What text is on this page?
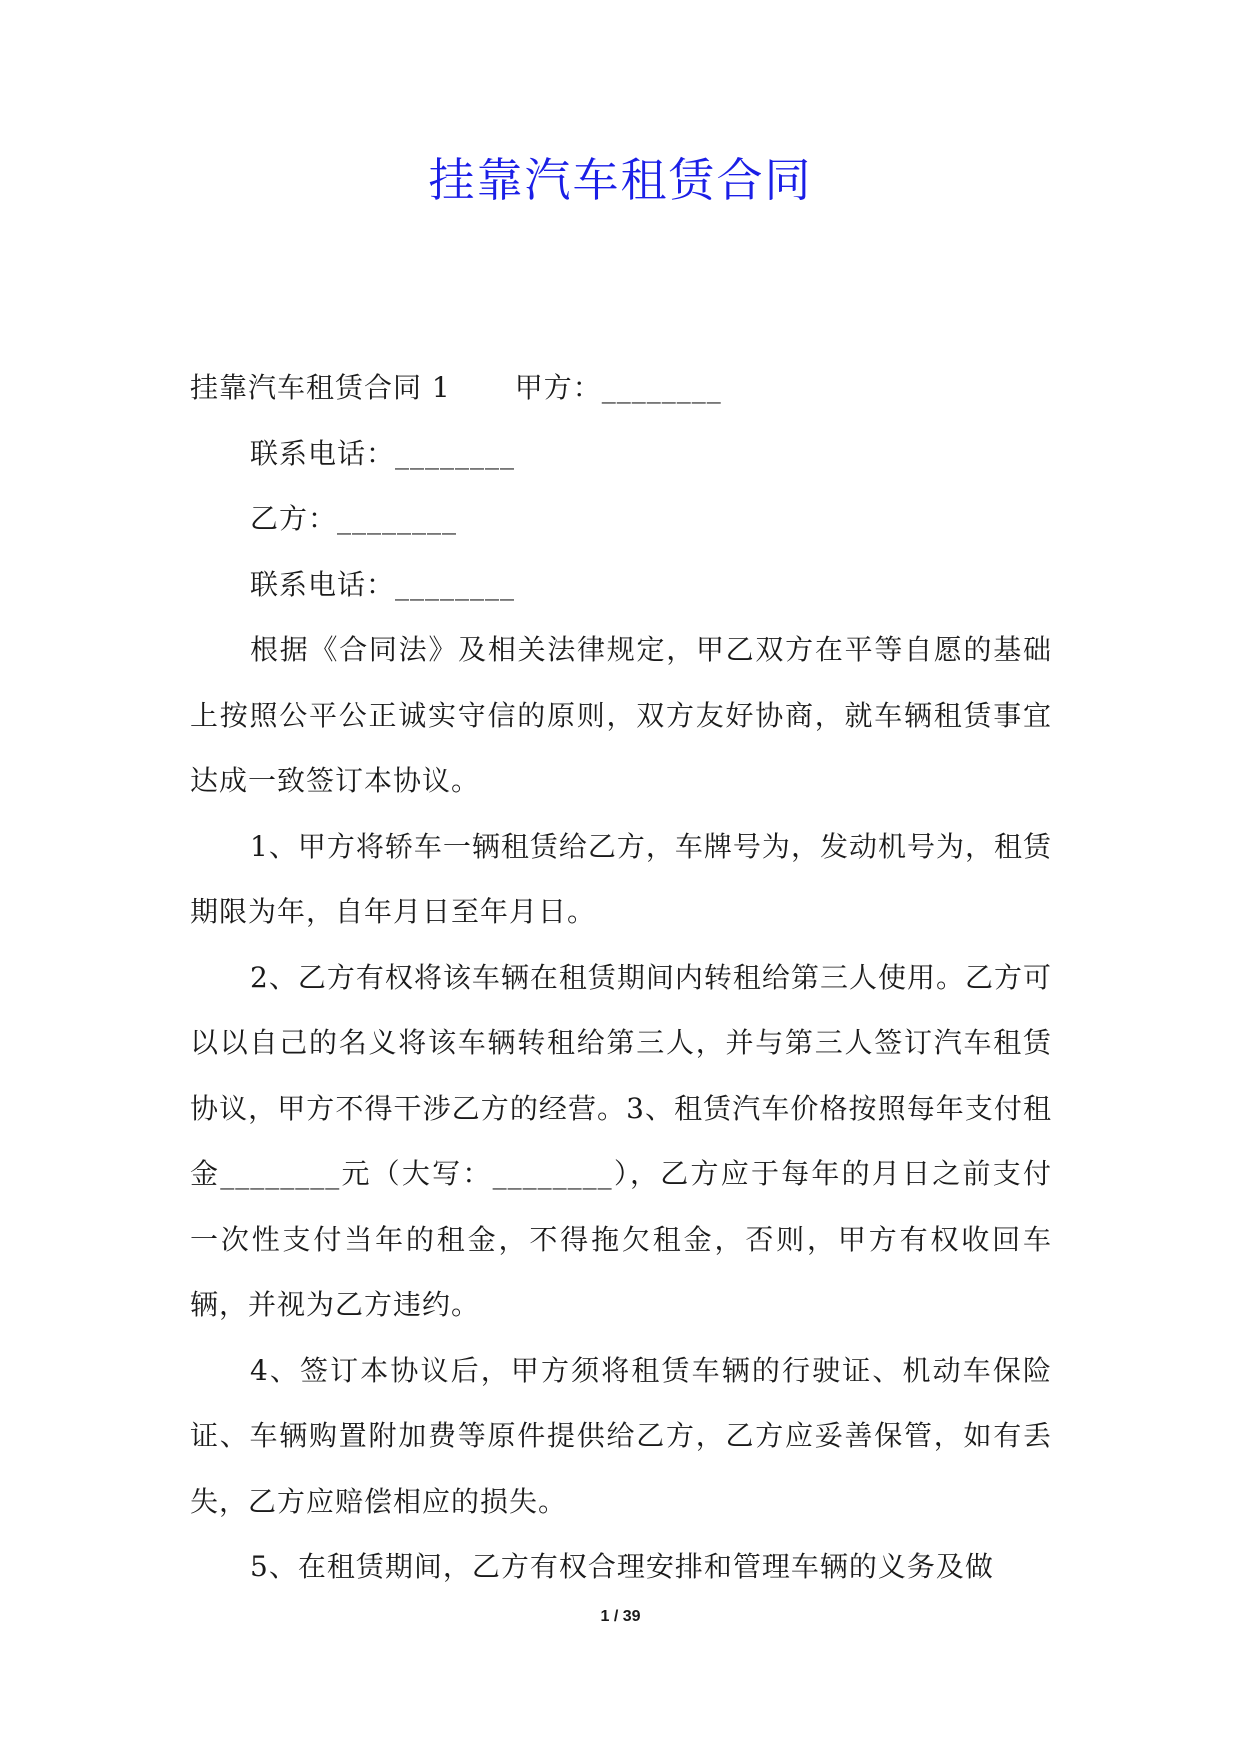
挂靠汽车租赁合同

挂靠汽车租赁合同 1 甲方：________

联系电话：________

乙方：________

联系电话：________

根据《合同法》及相关法律规定，甲乙双方在平等自愿的基础上按照公平公正诚实守信的原则，双方友好协商，就车辆租赁事宜达成一致签订本协议。

1、甲方将轿车一辆租赁给乙方，车牌号为，发动机号为，租赁期限为年，自年月日至年月日。

2、乙方有权将该车辆在租赁期间内转租给第三人使用。乙方可以以自己的名义将该车辆转租给第三人，并与第三人签订汽车租赁协议，甲方不得干涉乙方的经营。3、租赁汽车价格按照每年支付租金________元（大写：________），乙方应于每年的月日之前支付一次性支付当年的租金，不得拖欠租金，否则，甲方有权收回车辆，并视为乙方违约。

4、签订本协议后，甲方须将租赁车辆的行驶证、机动车保险证、车辆购置附加费等原件提供给乙方，乙方应妥善保管，如有丢失，乙方应赔偿相应的损失。

5、在租赁期间，乙方有权合理安排和管理车辆的义务及做

1 / 39
